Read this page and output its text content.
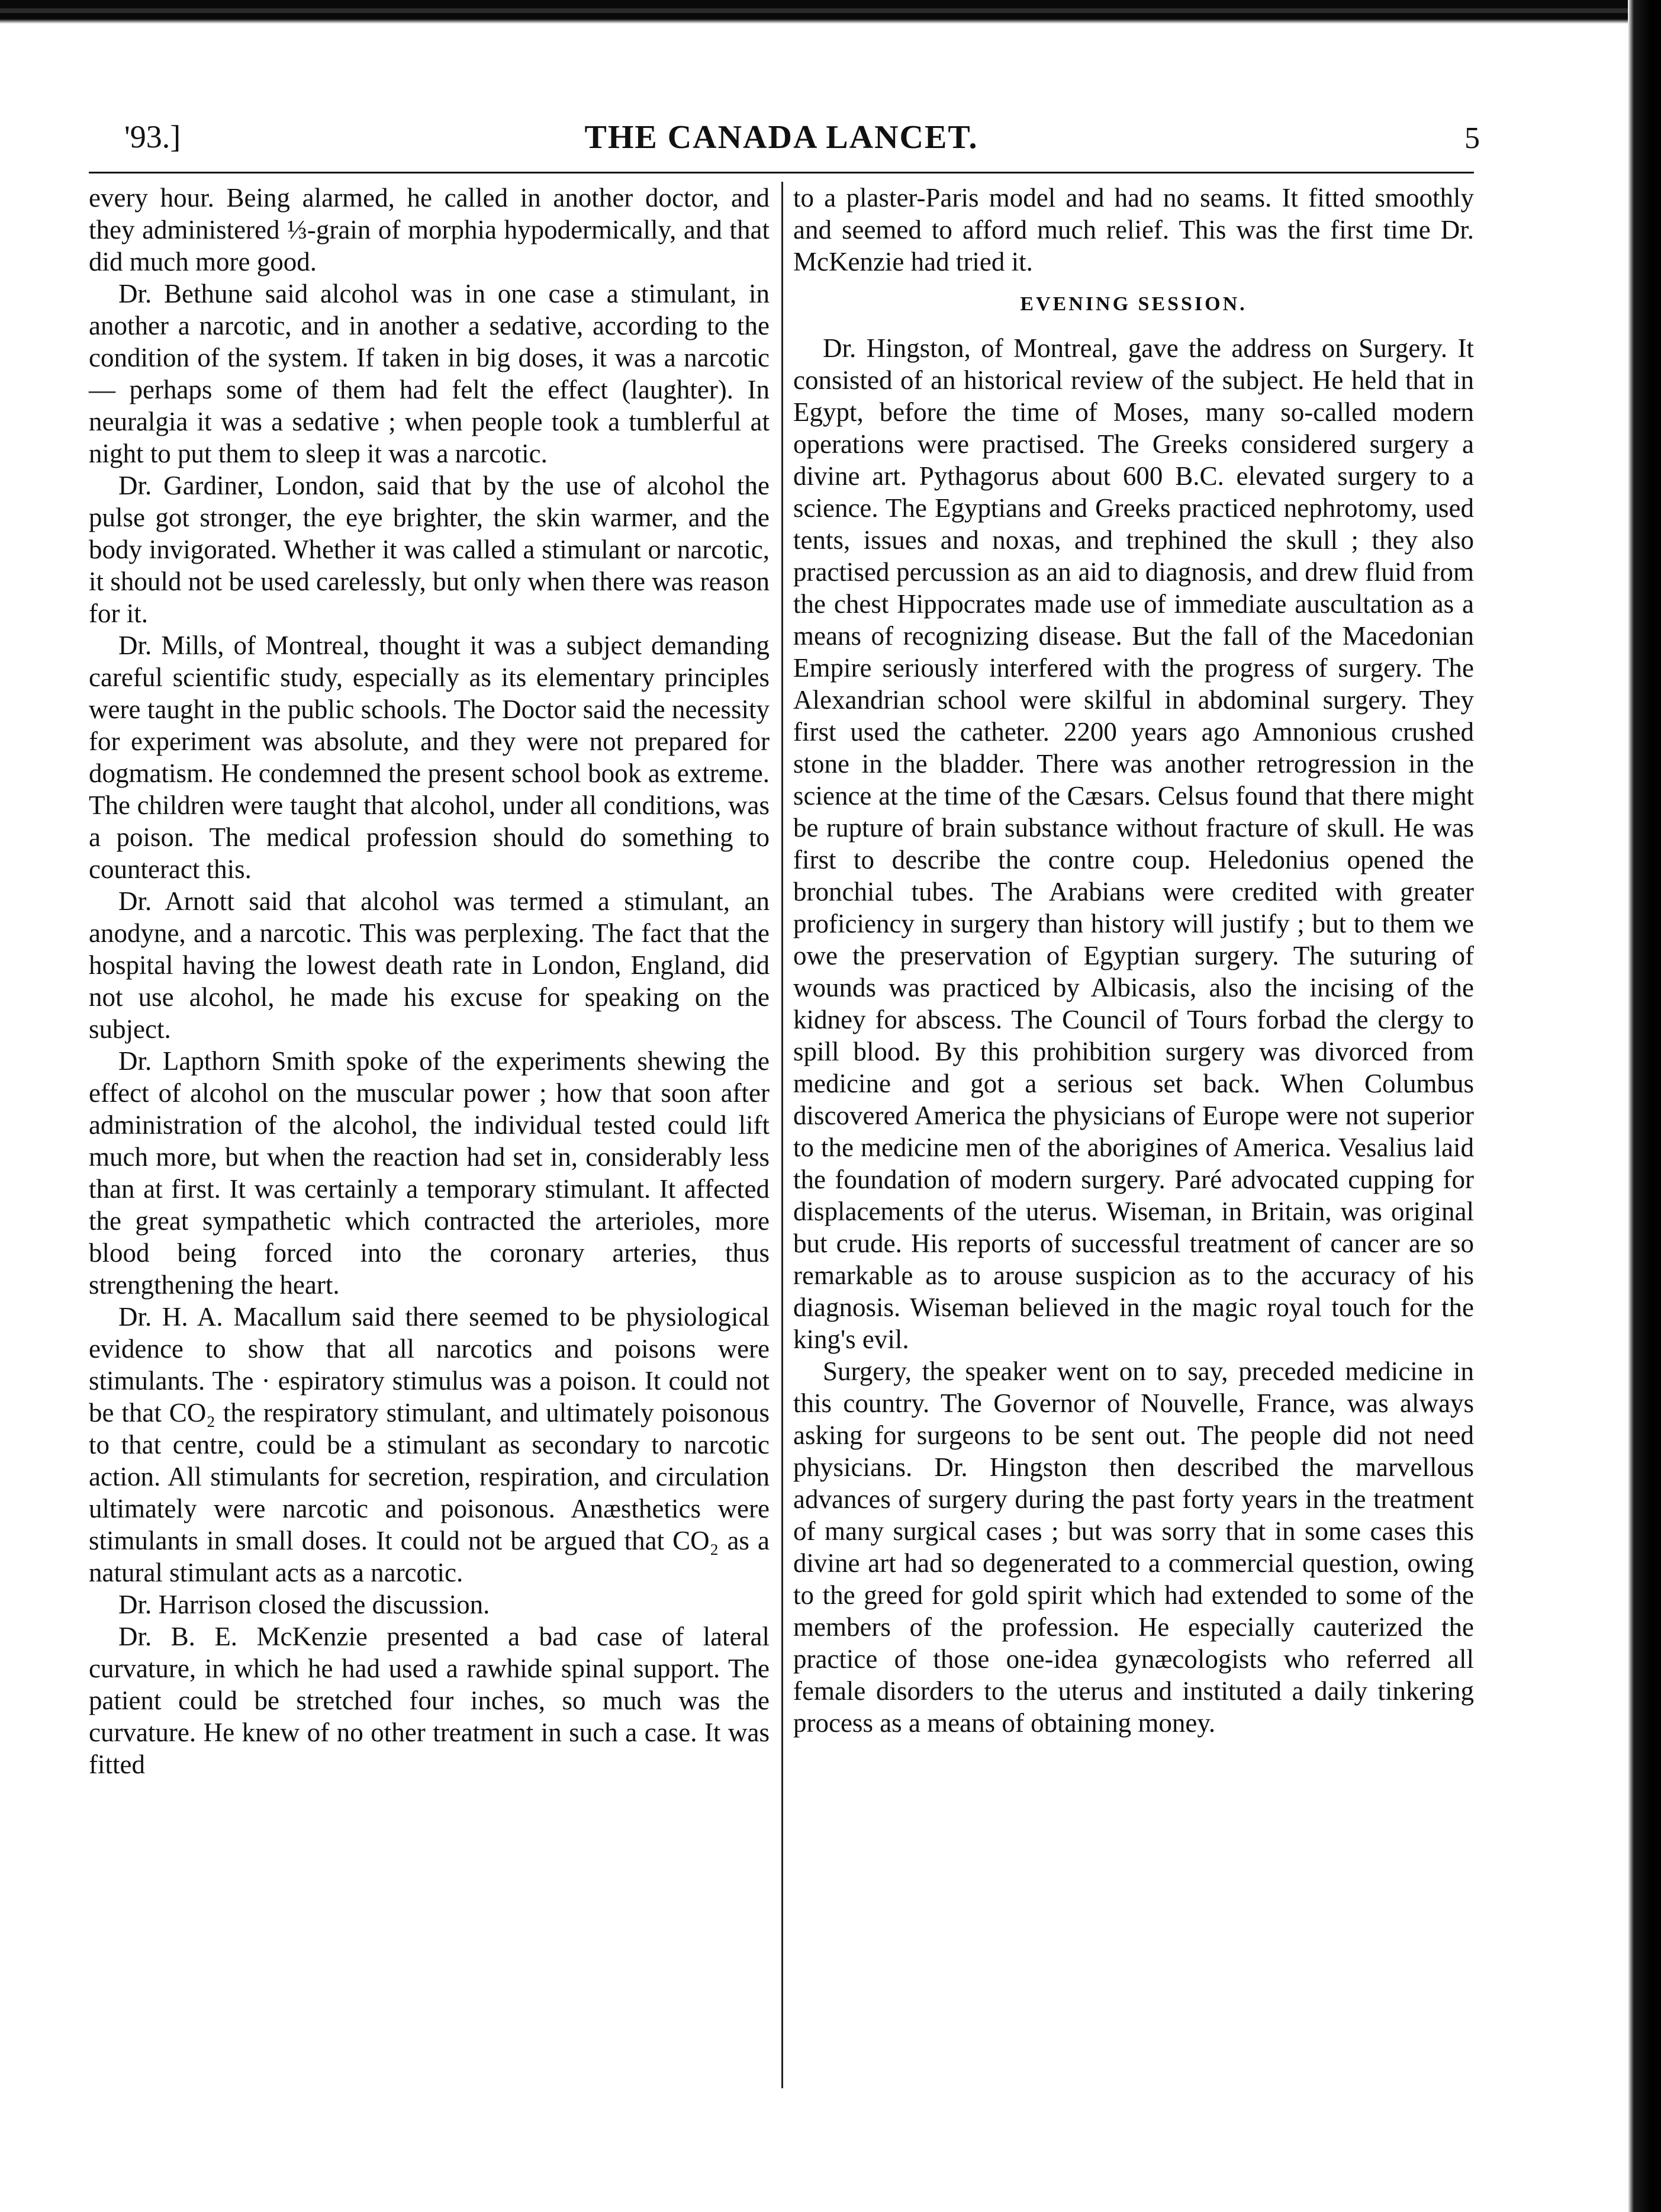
'93.]	THE CANADA LANCET.	5

every hour. Being alarmed, he called in another doctor, and they administered ⅓-grain of morphia hypodermically, and that did much more good.

Dr. Bethune said alcohol was in one case a stimulant, in another a narcotic, and in another a sedative, according to the condition of the system. If taken in big doses, it was a narcotic— perhaps some of them had felt the effect (laughter). In neuralgia it was a sedative ; when people took a tumblerful at night to put them to sleep it was a narcotic.

Dr. Gardiner, London, said that by the use of alcohol the pulse got stronger, the eye brighter, the skin warmer, and the body invigorated. Whether it was called a stimulant or narcotic, it should not be used carelessly, but only when there was reason for it.

Dr. Mills, of Montreal, thought it was a subject demanding careful scientific study, especially as its elementary principles were taught in the public schools. The Doctor said the necessity for experiment was absolute, and they were not prepared for dogmatism. He condemned the present school book as extreme. The children were taught that alcohol, under all conditions, was a poison. The medical profession should do something to counteract this.

Dr. Arnott said that alcohol was termed a stimulant, an anodyne, and a narcotic. This was perplexing. The fact that the hospital having the lowest death rate in London, England, did not use alcohol, he made his excuse for speaking on the subject.

Dr. Lapthorn Smith spoke of the experiments shewing the effect of alcohol on the muscular power ; how that soon after administration of the alcohol, the individual tested could lift much more, but when the reaction had set in, considerably less than at first. It was certainly a temporary stimulant. It affected the great sympathetic which contracted the arterioles, more blood being forced into the coronary arteries, thus strengthening the heart.

Dr. H. A. Macallum said there seemed to be physiological evidence to show that all narcotics and poisons were stimulants. The · espiratory stimulus was a poison. It could not be that CO₂ the respiratory stimulant, and ultimately poisonous to that centre, could be a stimulant as secondary to narcotic action. All stimulants for secretion, respiration, and circulation ultimately were narcotic and poisonous. Anæsthetics were stimulants in small doses. It could not be argued that CO₂ as a natural stimulant acts as a narcotic.

Dr. Harrison closed the discussion.

Dr. B. E. McKenzie presented a bad case of lateral curvature, in which he had used a rawhide spinal support. The patient could be stretched four inches, so much was the curvature. He knew of no other treatment in such a case. It was fitted

to a plaster-Paris model and had no seams. It fitted smoothly and seemed to afford much relief. This was the first time Dr. McKenzie had tried it.

EVENING SESSION.

Dr. Hingston, of Montreal, gave the address on Surgery. It consisted of an historical review of the subject. He held that in Egypt, before the time of Moses, many so-called modern operations were practised. The Greeks considered surgery a divine art. Pythagorus about 600 B.C. elevated surgery to a science. The Egyptians and Greeks practiced nephrotomy, used tents, issues and noxas, and trephined the skull ; they also practised percussion as an aid to diagnosis, and drew fluid from the chest Hippocrates made use of immediate auscultation as a means of recognizing disease. But the fall of the Macedonian Empire seriously interfered with the progress of surgery. The Alexandrian school were skilful in abdominal surgery. They first used the catheter. 2200 years ago Amnonious crushed stone in the bladder. There was another retrogression in the science at the time of the Cæsars. Celsus found that there might be rupture of brain substance without fracture of skull. He was first to describe the contre coup. Heledonius opened the bronchial tubes. The Arabians were credited with greater proficiency in surgery than history will justify ; but to them we owe the preservation of Egyptian surgery. The suturing of wounds was practiced by Albicasis, also the incising of the kidney for abscess. The Council of Tours forbad the clergy to spill blood. By this prohibition surgery was divorced from medicine and got a serious set back. When Columbus discovered America the physicians of Europe were not superior to the medicine men of the aborigines of America. Vesalius laid the foundation of modern surgery. Paré advocated cupping for displacements of the uterus. Wiseman, in Britain, was original but crude. His reports of successful treatment of cancer are so remarkable as to arouse suspicion as to the accuracy of his diagnosis. Wiseman believed in the magic royal touch for the king's evil.

Surgery, the speaker went on to say, preceded medicine in this country. The Governor of Nouvelle, France, was always asking for surgeons to be sent out. The people did not need physicians. Dr. Hingston then described the marvellous advances of surgery during the past forty years in the treatment of many surgical cases ; but was sorry that in some cases this divine art had so degenerated to a commercial question, owing to the greed for gold spirit which had extended to some of the members of the profession. He especially cauterized the practice of those one-idea gynæcologists who referred all female disorders to the uterus and instituted a daily tinkering process as a means of obtaining money.
